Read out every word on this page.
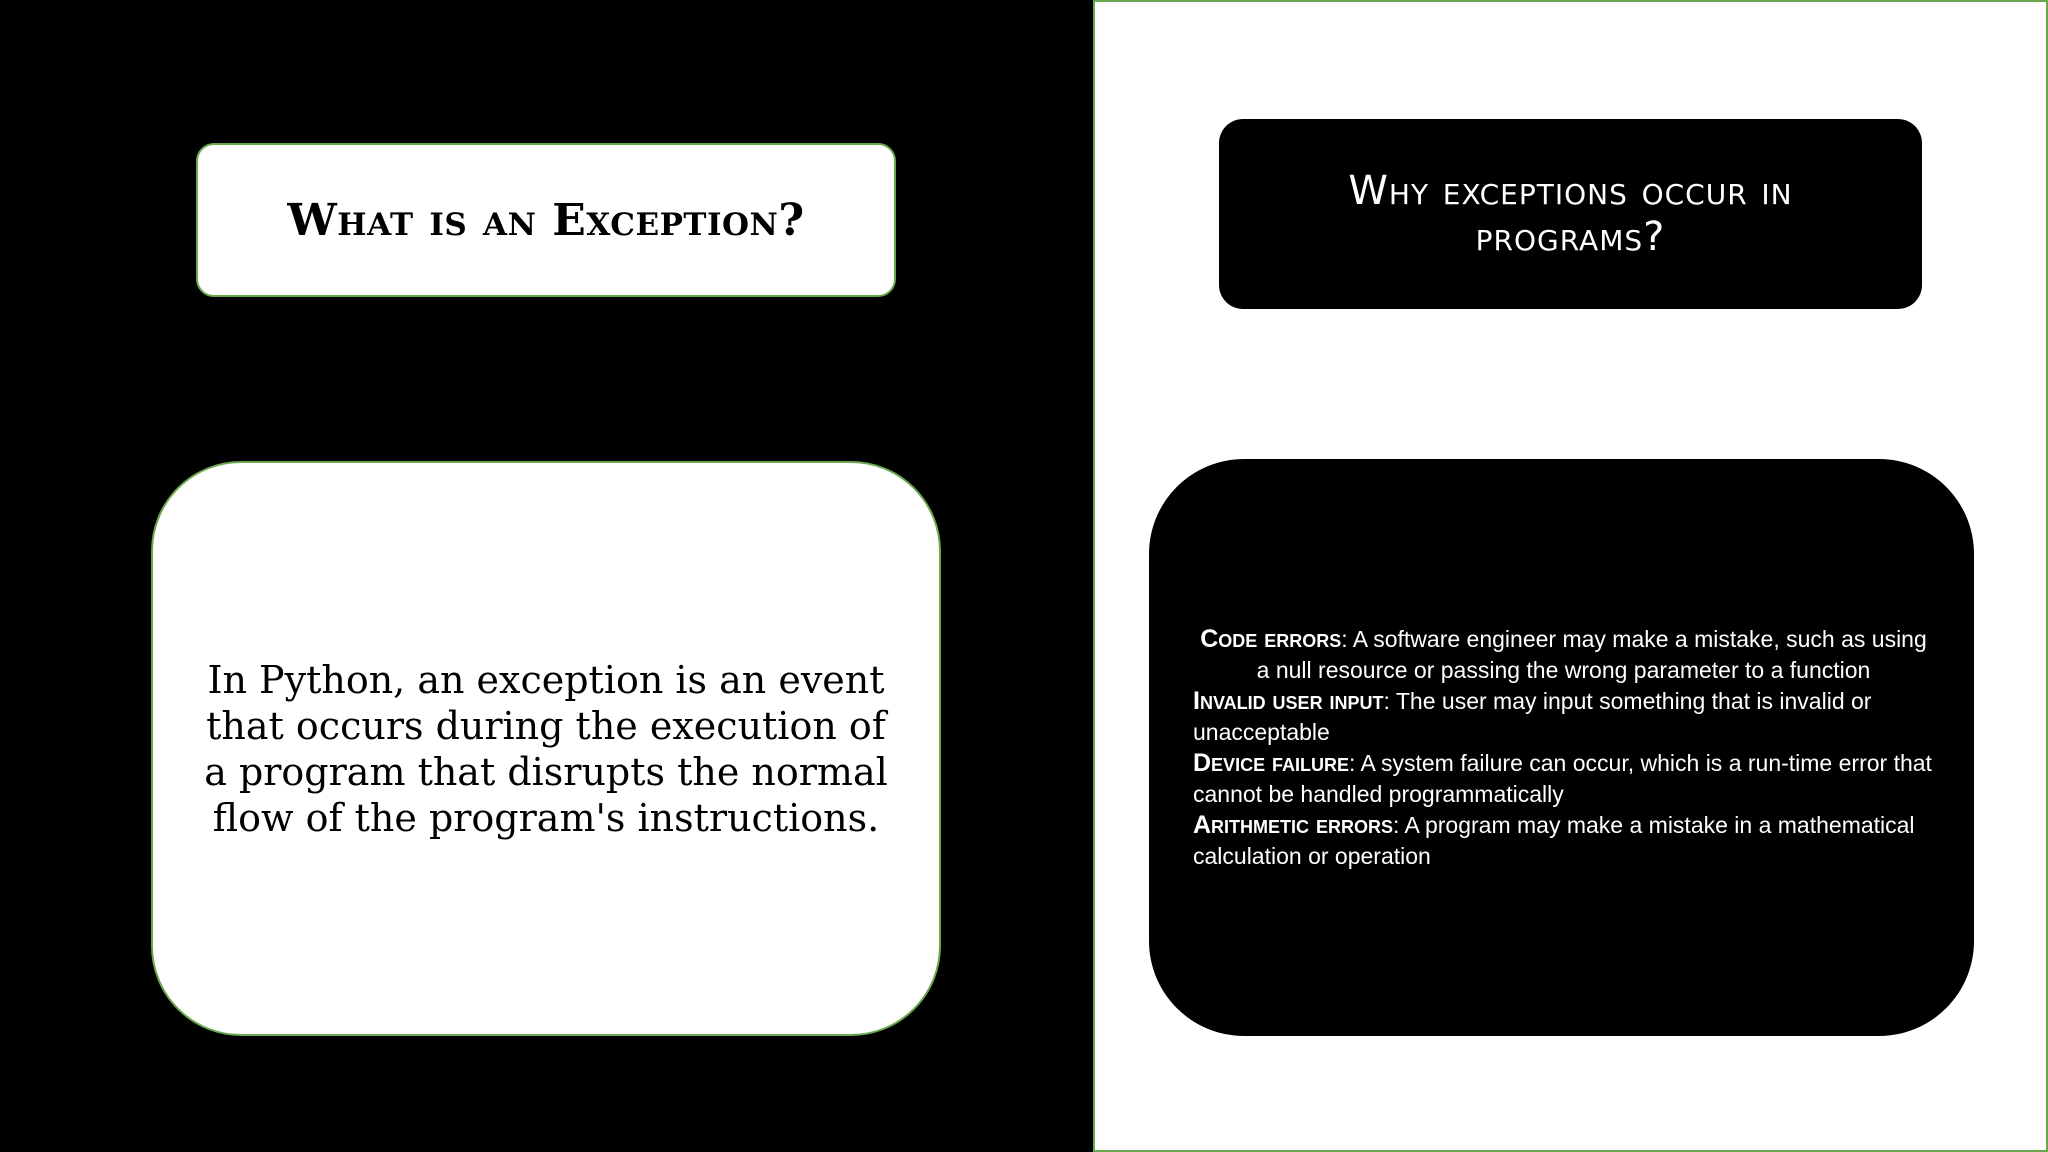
What is an Exception?
In Python, an exception is an event that occurs during the execution of a program that disrupts the normal flow of the program's instructions.
Why exceptions occur in programs?
Code errors: A software engineer may make a mistake, such as using a null resource or passing the wrong parameter to a function
Invalid user input: The user may input something that is invalid or unacceptable
Device failure: A system failure can occur, which is a run-time error that cannot be handled programmatically
Arithmetic errors: A program may make a mistake in a mathematical calculation or operation
